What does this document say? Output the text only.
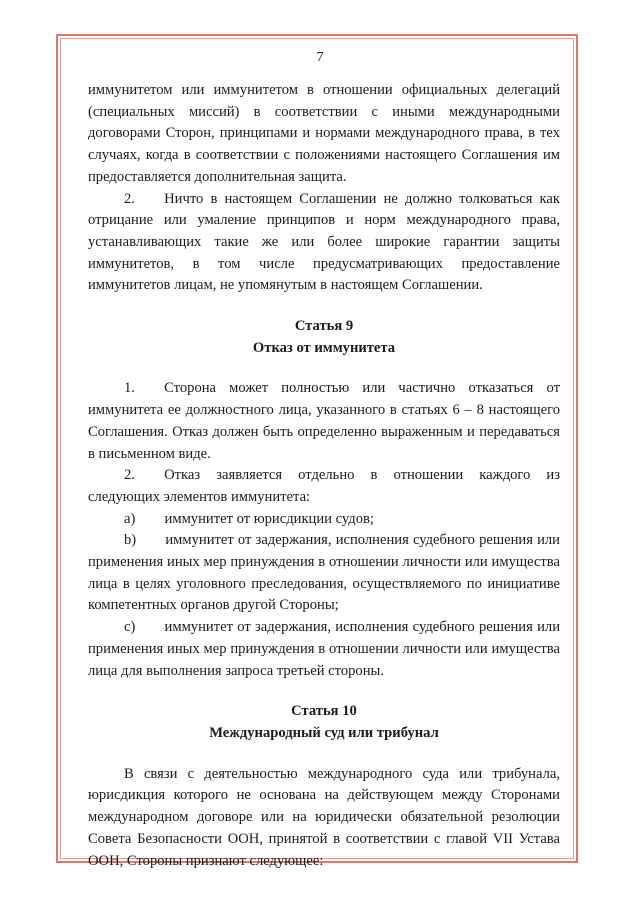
7

иммунитетом или иммунитетом в отношении официальных делегаций (специальных миссий) в соответствии с иными международными договорами Сторон, принципами и нормами международного права, в тех случаях, когда в соответствии с положениями настоящего Соглашения им предоставляется дополнительная защита.

2.  Ничто в настоящем Соглашении не должно толковаться как отрицание или умаление принципов и норм международного права, устанавливающих такие же или более широкие гарантии защиты иммунитетов, в том числе предусматривающих предоставление иммунитетов лицам, не упомянутым в настоящем Соглашении.

Статья 9

Отказ от иммунитета

1.  Сторона может полностью или частично отказаться от иммунитета ее должностного лица, указанного в статьях 6 – 8 настоящего Соглашения. Отказ должен быть определенно выраженным и передаваться в письменном виде.

2.  Отказ заявляется отдельно в отношении каждого из следующих элементов иммунитета:

a)  иммунитет от юрисдикции судов;

b)  иммунитет от задержания, исполнения судебного решения или применения иных мер принуждения в отношении личности или имущества лица в целях уголовного преследования, осуществляемого по инициативе компетентных органов другой Стороны;

c)  иммунитет от задержания, исполнения судебного решения или применения иных мер принуждения в отношении личности или имущества лица для выполнения запроса третьей стороны.

Статья 10

Международный суд или трибунал

В связи с деятельностью международного суда или трибунала, юрисдикция которого не основана на действующем между Сторонами международном договоре или на юридически обязательной резолюции Совета Безопасности ООН, принятой в соответствии с главой VII Устава ООН, Стороны признают следующее:
